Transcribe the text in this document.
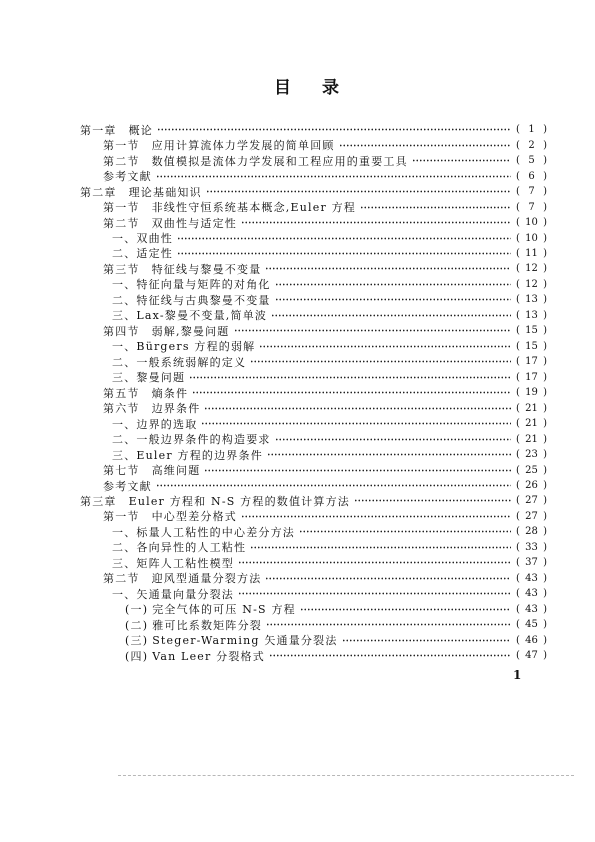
目　录
第一章 概论	( 1 )
第一节 应用计算流体力学发展的简单回顾	( 2 )
第二节 数值模拟是流体力学发展和工程应用的重要工具	( 5 )
参考文献	( 6 )
第二章 理论基础知识	( 7 )
第一节 非线性守恒系统基本概念,Euler 方程	( 7 )
第二节 双曲性与适定性	( 10 )
一、 双曲性	( 10 )
二、 适定性	( 11 )
第三节 特征线与黎曼不变量	( 12 )
一、 特征向量与矩阵的对角化	( 12 )
二、 特征线与古典黎曼不变量	( 13 )
三、 Lax-黎曼不变量,简单波	( 13 )
第四节 弱解,黎曼问题	( 15 )
一、 Bürgers 方程的弱解	( 15 )
二、 一般系统弱解的定义	( 17 )
三、 黎曼问题	( 17 )
第五节 熵条件	( 19 )
第六节 边界条件	( 21 )
一、 边界的选取	( 21 )
二、 一般边界条件的构造要求	( 21 )
三、 Euler 方程的边界条件	( 23 )
第七节 高维问题	( 25 )
参考文献	( 26 )
第三章 Euler 方程和 N-S 方程的数值计算方法	( 27 )
第一节 中心型差分格式	( 27 )
一、 标量人工粘性的中心差分方法	( 28 )
二、 各向异性的人工粘性	( 33 )
三、 矩阵人工粘性模型	( 37 )
第二节 迎风型通量分裂方法	( 43 )
一、 矢通量向量分裂法	( 43 )
(一) 完全气体的可压 N-S 方程	( 43 )
(二) 雅可比系数矩阵分裂	( 45 )
(三) Steger-Warming 矢通量分裂法	( 46 )
(四) Van Leer 分裂格式	( 47 )
1
